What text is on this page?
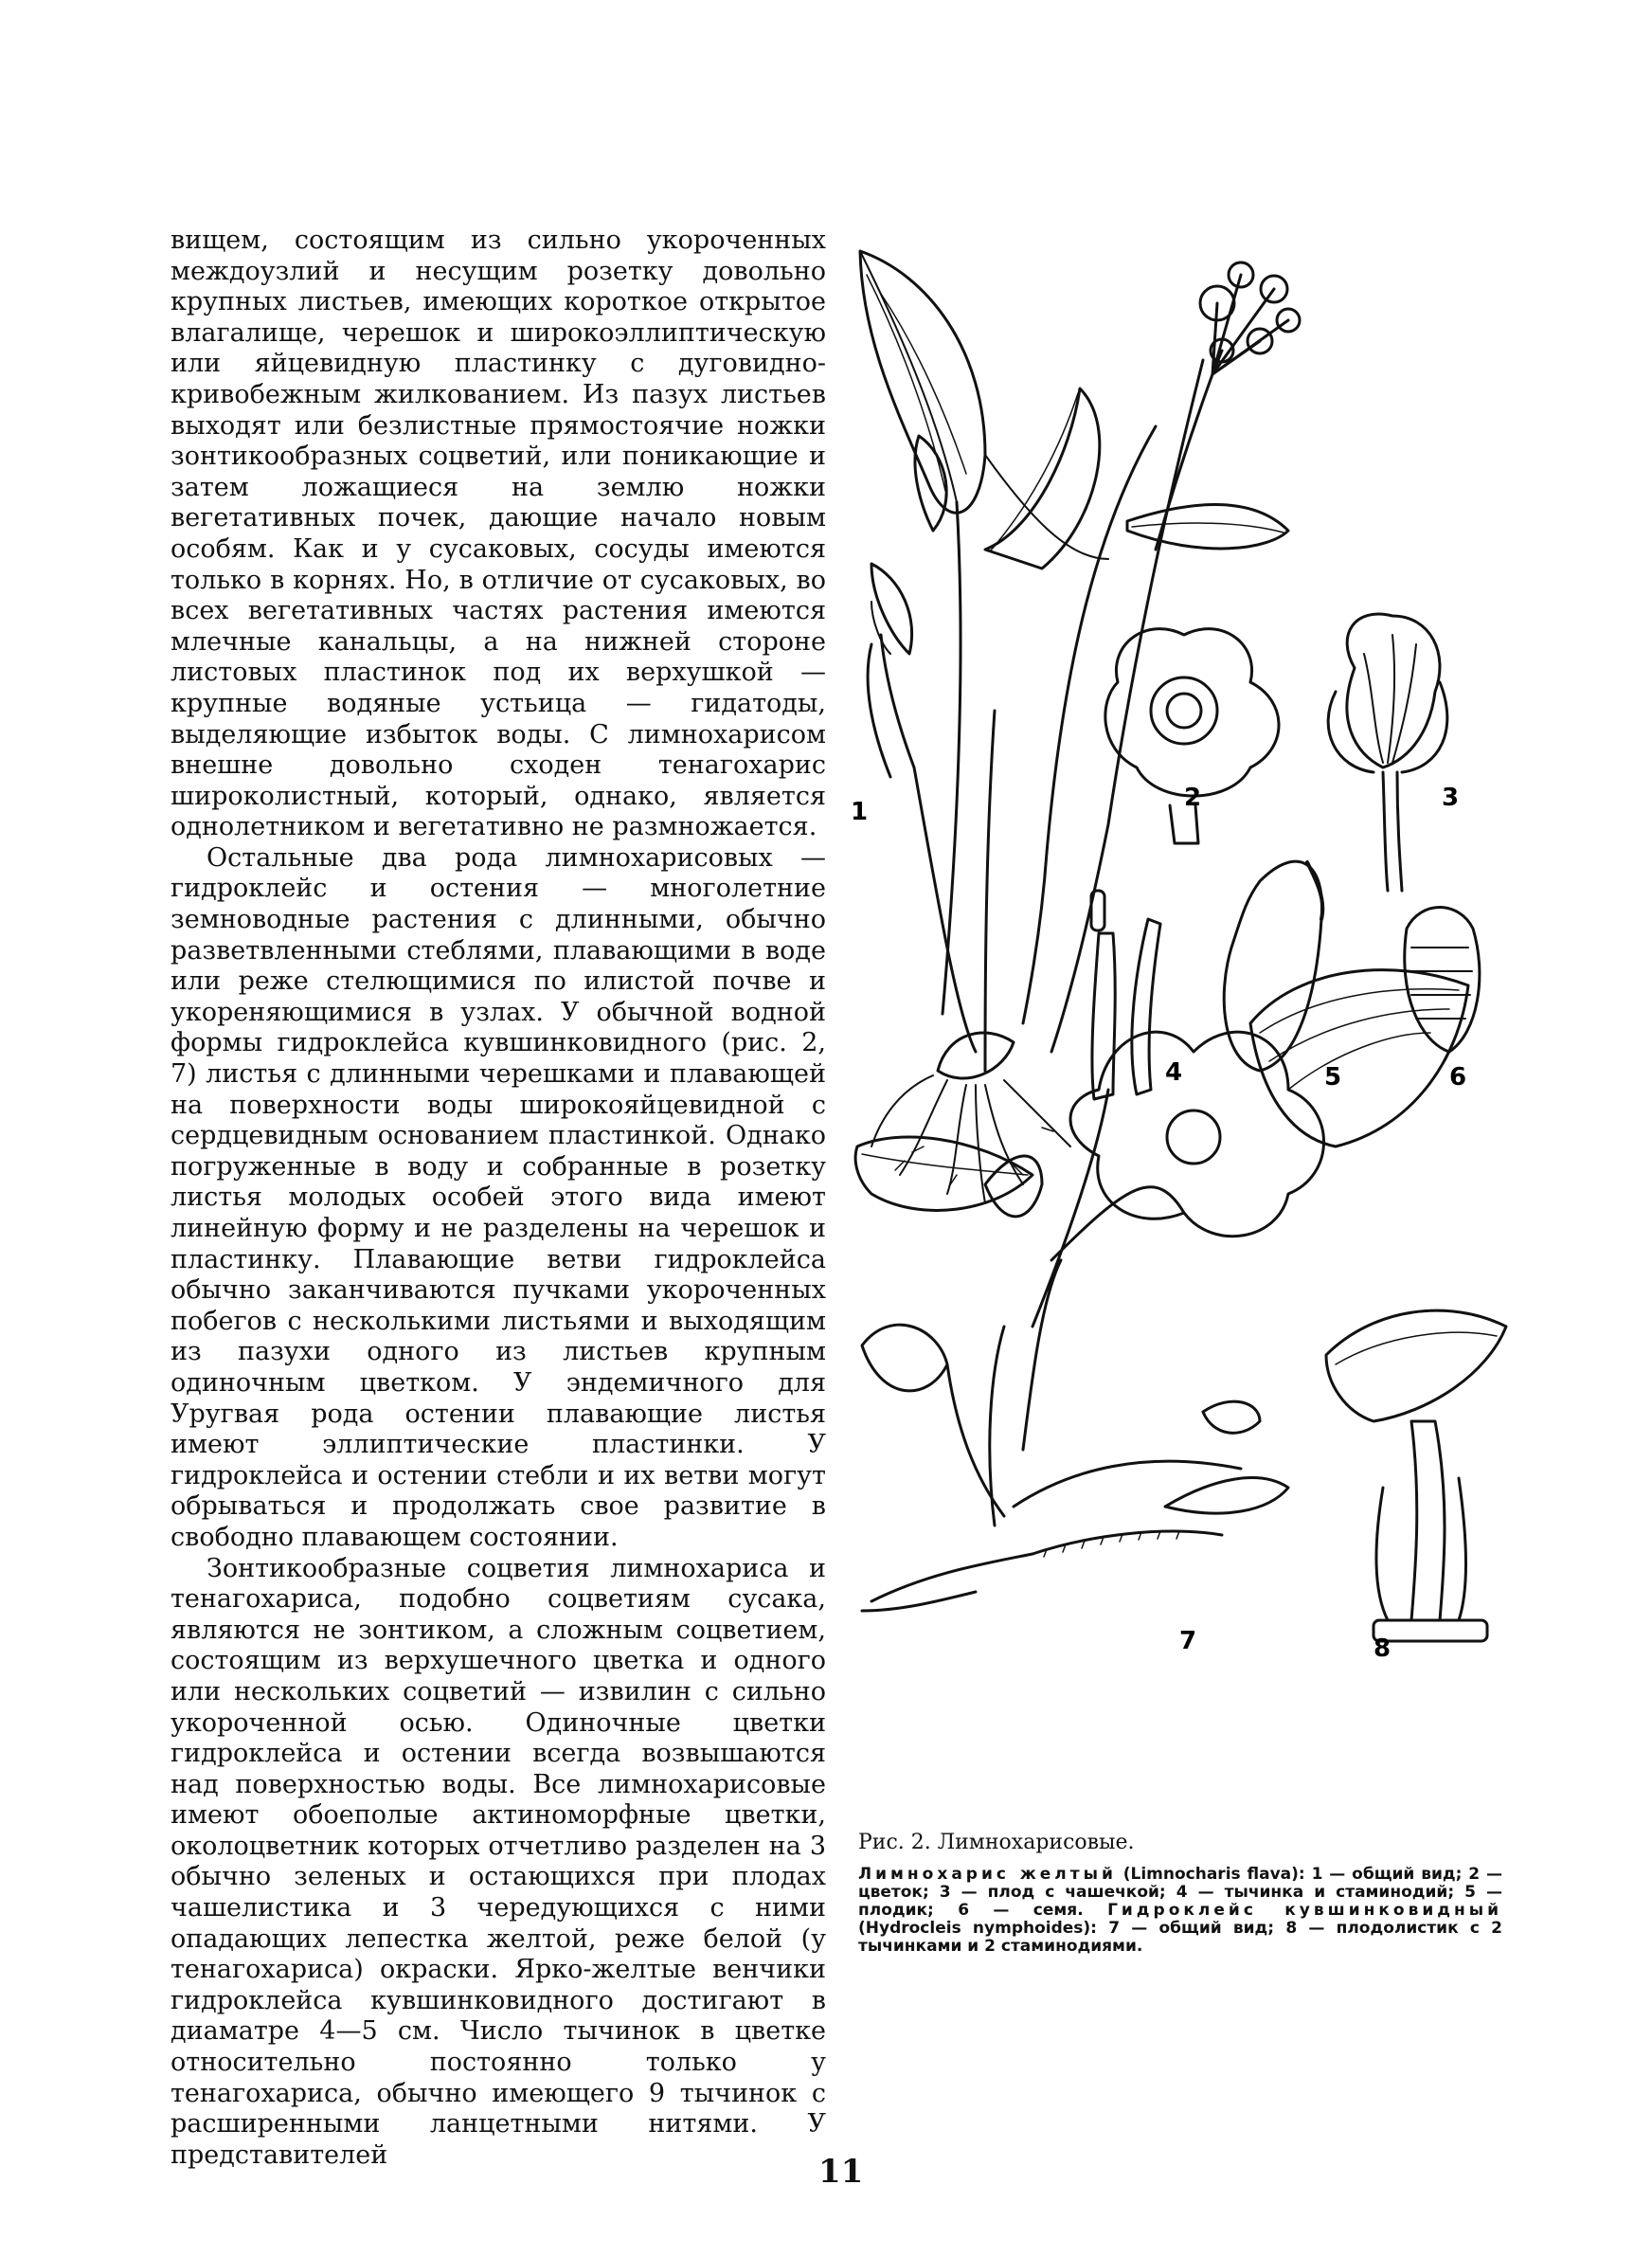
вищем, состоящим из сильно укороченных междоузлий и несущим розетку довольно крупных листьев, имеющих короткое открытое влагалище, черешок и широкоэллиптическую или яйцевидную пластинку с дуговидно-кривобежным жилкованием. Из пазух листьев выходят или безлистные прямостоячие ножки зонтикообразных соцветий, или поникающие и затем ложащиеся на землю ножки вегетативных почек, дающие начало новым особям. Как и у сусаковых, сосуды имеются только в корнях. Но, в отличие от сусаковых, во всех вегетативных частях растения имеются млечные канальцы, а на нижней стороне листовых пластинок под их верхушкой — крупные водяные устьица — гидатоды, выделяющие избыток воды. С лимнохарисом внешне довольно сходен тенагохарис широколистный, который, однако, является однолетником и вегетативно не размножается.

Остальные два рода лимнохарисовых — гидроклейс и остения — многолетние земноводные растения с длинными, обычно разветвленными стеблями, плавающими в воде или реже стелющимися по илистой почве и укореняющимися в узлах. У обычной водной формы гидроклейса кувшинковидного (рис. 2, 7) листья с длинными черешками и плавающей на поверхности воды широкояйцевидной с сердцевидным основанием пластинкой. Однако погруженные в воду и собранные в розетку листья молодых особей этого вида имеют линейную форму и не разделены на черешок и пластинку. Плавающие ветви гидроклейса обычно заканчиваются пучками укороченных побегов с несколькими листьями и выходящим из пазухи одного из листьев крупным одиночным цветком. У эндемичного для Уругвая рода остении плавающие листья имеют эллиптические пластинки. У гидроклейса и остении стебли и их ветви могут обрываться и продолжать свое развитие в свободно плавающем состоянии.

Зонтикообразные соцветия лимнохариса и тенагохариса, подобно соцветиям сусака, являются не зонтиком, а сложным соцветием, состоящим из верхушечного цветка и одного или нескольких соцветий — извилин с сильно укороченной осью. Одиночные цветки гидроклейса и остении всегда возвышаются над поверхностью воды. Все лимнохарисовые имеют обоеполые актиноморфные цветки, околоцветник которых отчетливо разделен на 3 обычно зеленых и остающихся при плодах чашелистика и 3 чередующихся с ними опадающих лепестка желтой, реже белой (у тенагохариса) окраски. Ярко-желтые венчики гидроклейса кувшинковидного достигают в диаматре 4—5 см. Число тычинок в цветке относительно постоянно только у тенагохариса, обычно имеющего 9 тычинок с расширенными ланцетными нитями. У представителей

1	2	3
4	5	6
7	8

Рис. 2. Лимнохарисовые.

Лимнохарис желтый (Limnocharis flava): 1 — общий вид; 2 — цветок; 3 — плод с чашечкой; 4 — тычинка и стаминодий; 5 — плодик; 6 — семя. Гидроклейс кувшинковидный (Hydrocleis nymphoides): 7 — общий вид; 8 — плодолистик с 2 тычинками и 2 стаминодиями.

11
